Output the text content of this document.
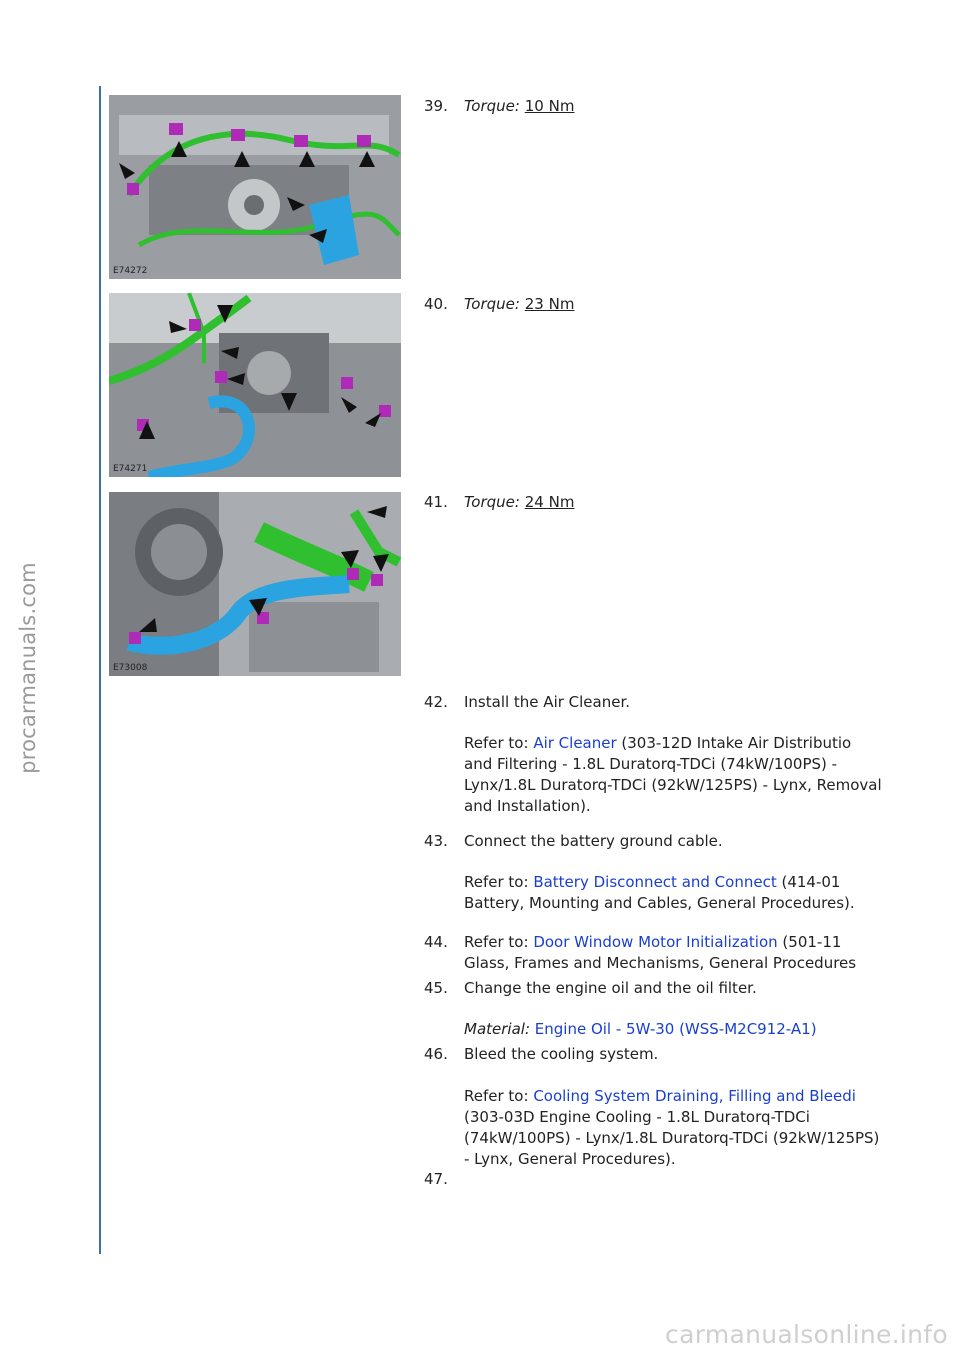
procarmanuals.com
E74272
E74271
E73008
39.	Torque: 10 Nm
40.	Torque: 23 Nm
41.	Torque: 24 Nm
42.	Install the Air Cleaner.
Refer to: Air Cleaner (303-12D Intake Air Distributio and Filtering - 1.8L Duratorq-TDCi (74kW/100PS) - Lynx/1.8L Duratorq-TDCi (92kW/125PS) - Lynx, Removal and Installation).
43.	Connect the battery ground cable.
Refer to: Battery Disconnect and Connect (414-01 Battery, Mounting and Cables, General Procedures).
44.	Refer to: Door Window Motor Initialization (501-11 Glass, Frames and Mechanisms, General Procedures
45.	Change the engine oil and the oil filter.
Material: Engine Oil - 5W-30 (WSS-M2C912-A1)
46.	Bleed the cooling system.
Refer to: Cooling System Draining, Filling and Bleedi (303-03D Engine Cooling - 1.8L Duratorq-TDCi (74kW/100PS) - Lynx/1.8L Duratorq-TDCi (92kW/125PS) - Lynx, General Procedures).
47.
carmanualsonline.info
